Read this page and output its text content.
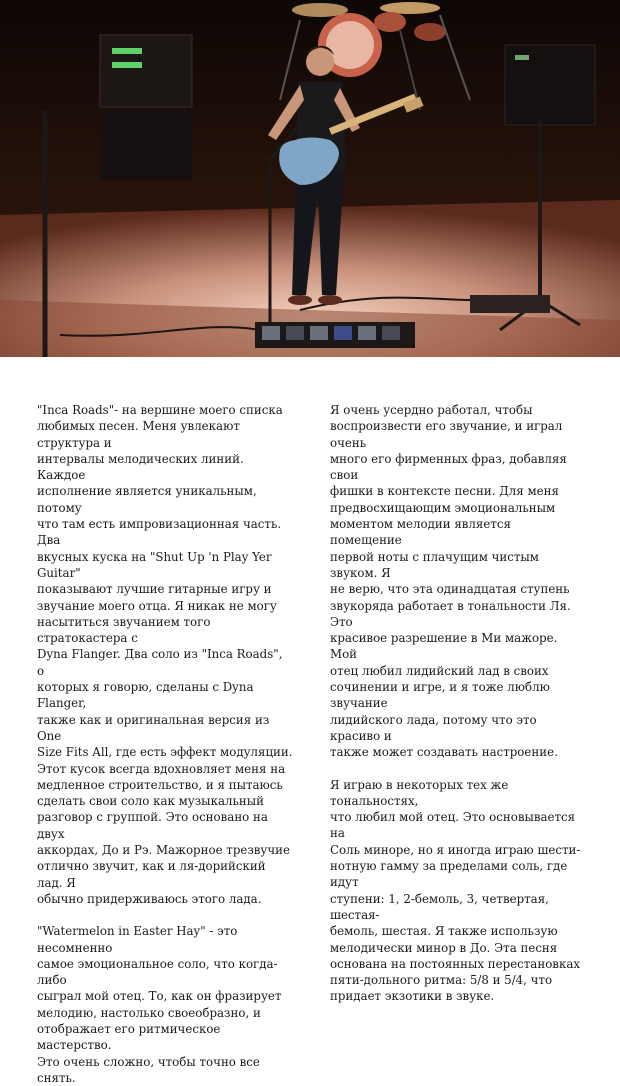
"Inca Roads"- на вершине моего списка
любимых песен. Меня увлекают структура и
интервалы мелодических линий. Каждое
исполнение является уникальным, потому
что там есть импровизационная часть. Два
вкусных куска на "Shut Up 'n Play Yer Guitar"
показывают лучшие гитарные игру и
звучание моего отца. Я никак не могу
насытиться звучанием того стратокастера с
Dyna Flanger. Два соло из "Inca Roads", о
которых я говорю, сделаны с Dyna Flanger,
также как и оригинальная версия из One
Size Fits All, где есть эффект модуляции.
Этот кусок всегда вдохновляет меня на
медленное строительство, и я пытаюсь
сделать свои соло как музыкальный
разговор с группой. Это основано на двух
аккордах, До и Рэ. Мажорное трезвучие
отлично звучит, как и ля-дорийский лад. Я
обычно придерживаюсь этого лада.

"Watermelon in Easter Hay" - это несомненно
самое эмоциональное соло, что когда-либо
сыграл мой отец. То, как он фразирует
мелодию, настолько своеобразно, и
отображает его ритмическое мастерство.
Это очень сложно, чтобы точно все снять.

Я очень усердно работал, чтобы
воспроизвести его звучание, и играл очень
много его фирменных фраз, добавляя свои
фишки в контексте песни. Для меня
предвосхищающим эмоциональным
моментом мелодии является помещение
первой ноты с плачущим чистым звуком. Я
не верю, что эта одинадцатая ступень
звукоряда работает в тональности Ля. Это
красивое разрешение в Ми мажоре. Мой
отец любил лидийский лад в своих
сочинении и игре, и я тоже люблю звучание
лидийского лада, потому что это красиво и
также может создавать настроение.

Я играю в некоторых тех же тональностях,
что любил мой отец. Это основывается на
Соль миноре, но я иногда играю шести-
нотную гамму за пределами соль, где идут
ступени: 1, 2-бемоль, 3, четвертая, шестая-
бемоль, шестая. Я также использую
мелодически минор в До. Эта песня
основана на постоянных перестановках
пяти-дольного ритма: 5/8 и 5/4, что
придает экзотики в звуке.
